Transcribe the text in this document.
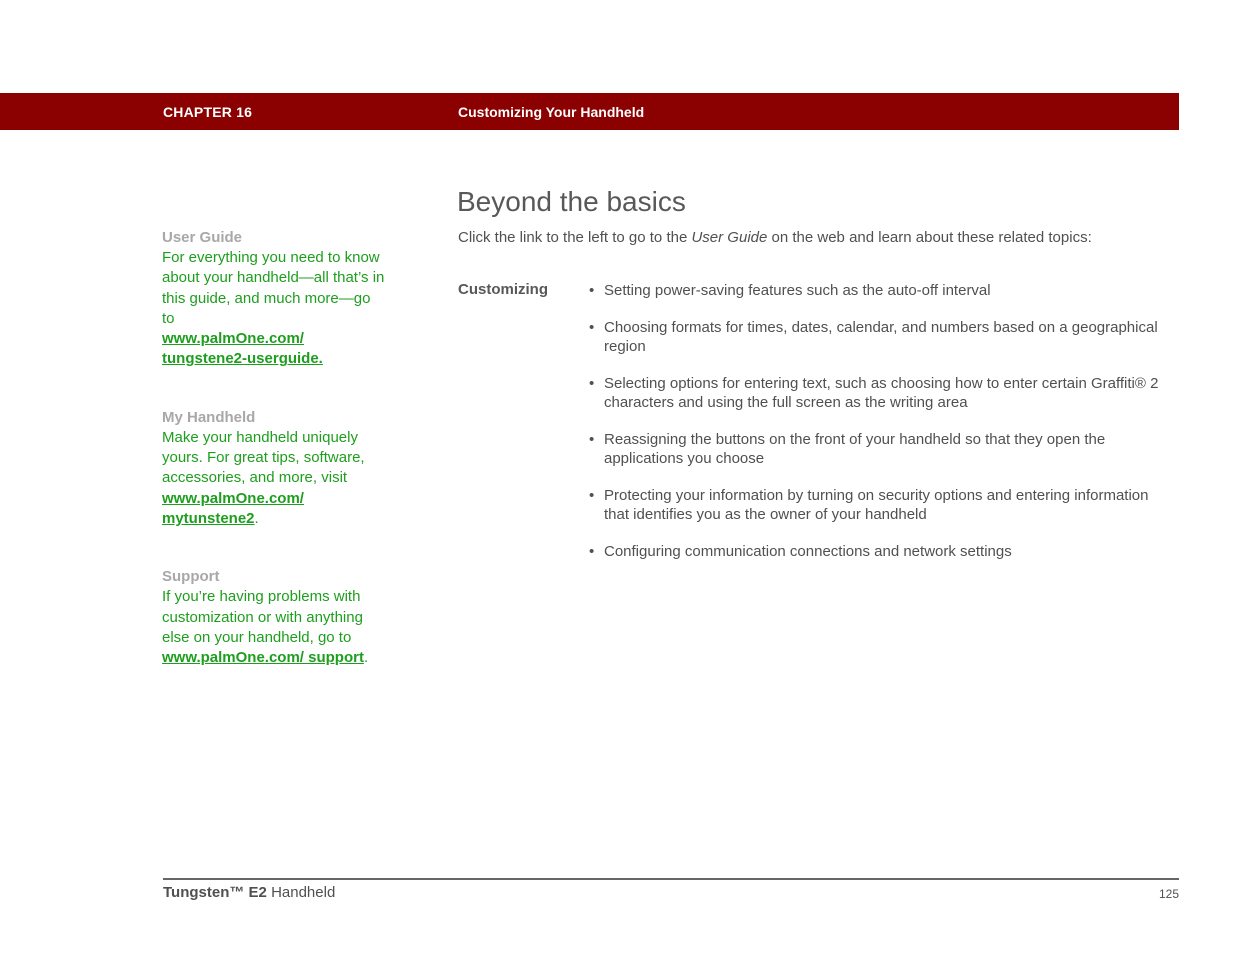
CHAPTER 16	Customizing Your Handheld
User Guide
For everything you need to know about your handheld—all that’s in this guide, and much more—go to
www.palmOne.com/ tungstene2-userguide.
My Handheld
Make your handheld uniquely yours. For great tips, software, accessories, and more, visit
www.palmOne.com/ mytunstene2.
Support
If you’re having problems with customization or with anything else on your handheld, go to
www.palmOne.com/ support.
Beyond the basics
Click the link to the left to go to the User Guide on the web and learn about these related topics:
Customizing	• Setting power-saving features such as the auto-off interval
• Choosing formats for times, dates, calendar, and numbers based on a geographical region
• Selecting options for entering text, such as choosing how to enter certain Graffiti® 2 characters and using the full screen as the writing area
• Reassigning the buttons on the front of your handheld so that they open the applications you choose
• Protecting your information by turning on security options and entering information that identifies you as the owner of your handheld
• Configuring communication connections and network settings
Tungsten™ E2 Handheld	125
